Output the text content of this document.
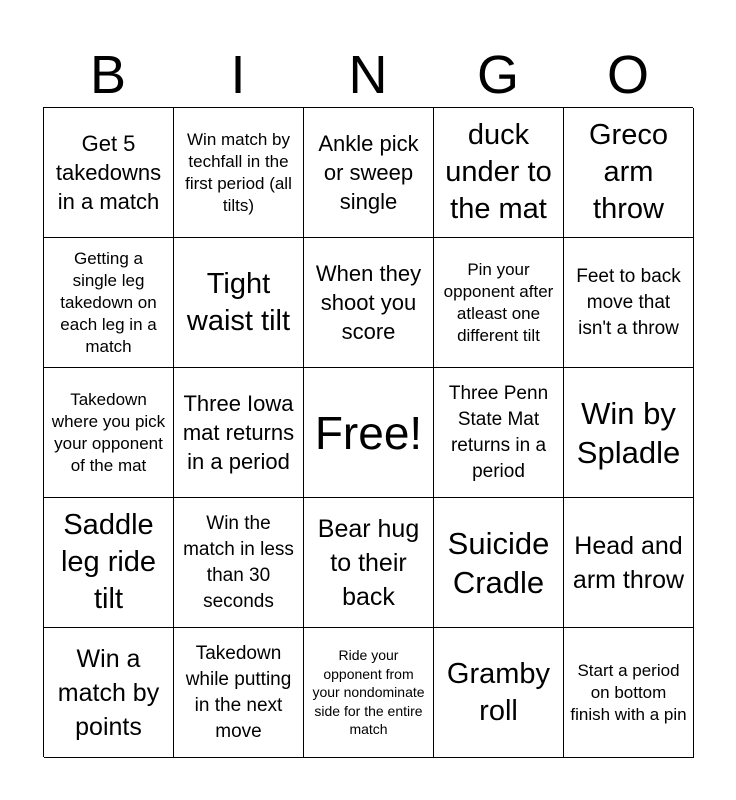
B	I	N	G	O
Get 5 takedowns in a match
Win match by techfall in the first period (all tilts)
Ankle pick or sweep single
duck under to the mat
Greco arm throw
Getting a single leg takedown on each leg in a match
Tight waist tilt
When they shoot you score
Pin your opponent after atleast one different tilt
Feet to back move that isn't a throw
Takedown where you pick your opponent of the mat
Three Iowa mat returns in a period
Free!
Three Penn State Mat returns in a period
Win by Spladle
Saddle leg ride tilt
Win the match in less than 30 seconds
Bear hug to their back
Suicide Cradle
Head and arm throw
Win a match by points
Takedown while putting in the next move
Ride your opponent from your nondominate side for the entire match
Gramby roll
Start a period on bottom finish with a pin
